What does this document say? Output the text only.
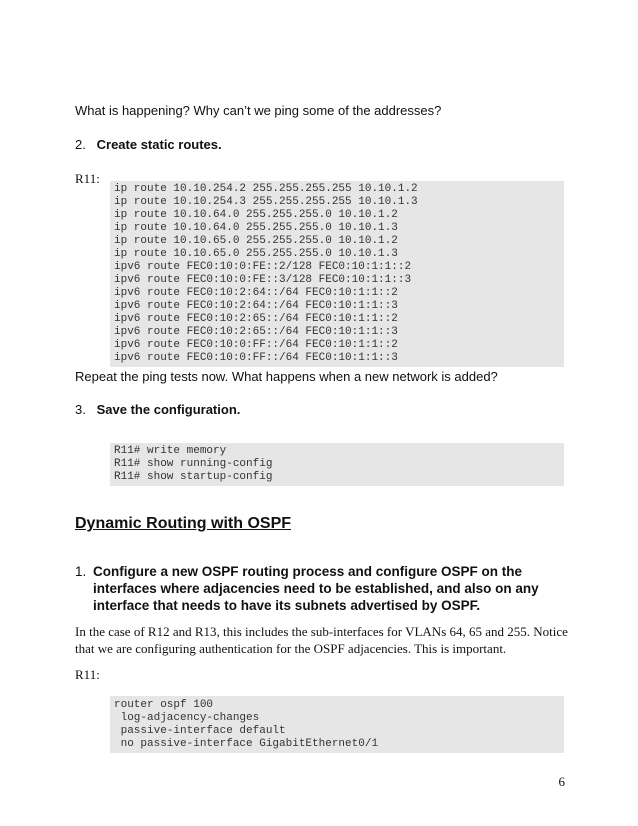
What is happening? Why can’t we ping some of the addresses?
2. Create static routes.
R11:
ip route 10.10.254.2 255.255.255.255 10.10.1.2
ip route 10.10.254.3 255.255.255.255 10.10.1.3
ip route 10.10.64.0 255.255.255.0 10.10.1.2
ip route 10.10.64.0 255.255.255.0 10.10.1.3
ip route 10.10.65.0 255.255.255.0 10.10.1.2
ip route 10.10.65.0 255.255.255.0 10.10.1.3
ipv6 route FEC0:10:0:FE::2/128 FEC0:10:1:1::2
ipv6 route FEC0:10:0:FE::3/128 FEC0:10:1:1::3
ipv6 route FEC0:10:2:64::/64 FEC0:10:1:1::2
ipv6 route FEC0:10:2:64::/64 FEC0:10:1:1::3
ipv6 route FEC0:10:2:65::/64 FEC0:10:1:1::2
ipv6 route FEC0:10:2:65::/64 FEC0:10:1:1::3
ipv6 route FEC0:10:0:FF::/64 FEC0:10:1:1::2
ipv6 route FEC0:10:0:FF::/64 FEC0:10:1:1::3
Repeat the ping tests now. What happens when a new network is added?
3. Save the configuration.
R11# write memory
R11# show running-config
R11# show startup-config
Dynamic Routing with OSPF
1. Configure a new OSPF routing process and configure OSPF on the interfaces where adjacencies need to be established, and also on any interface that needs to have its subnets advertised by OSPF.
In the case of R12 and R13, this includes the sub-interfaces for VLANs 64, 65 and 255. Notice that we are configuring authentication for the OSPF adjacencies. This is important.
R11:
router ospf 100
log-adjacency-changes
passive-interface default
no passive-interface GigabitEthernet0/1
6
